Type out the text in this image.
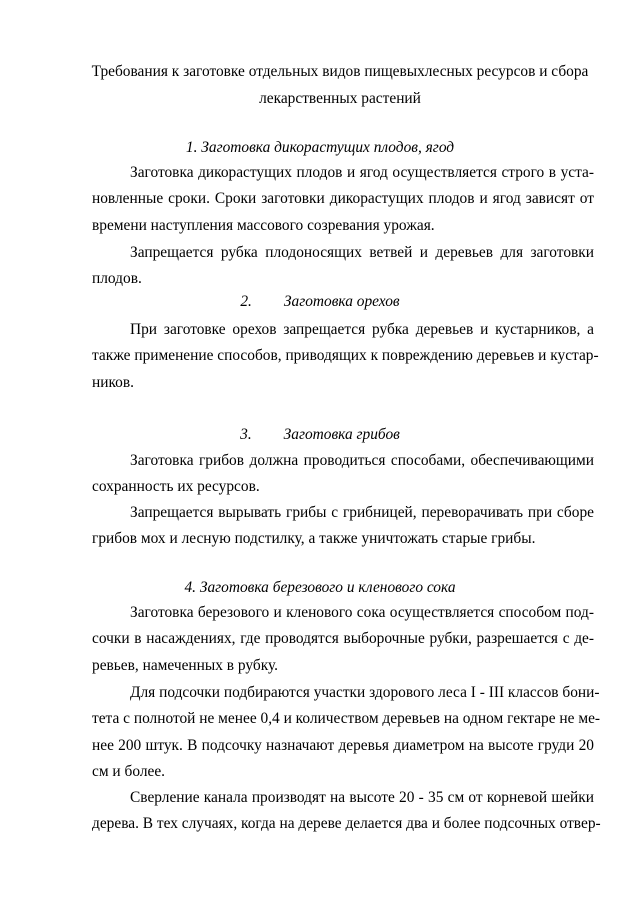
Требования к заготовке отдельных видов пищевыхлесных ресурсов и сбора
лекарственных растений
1. Заготовка дикорастущих плодов, ягод
Заготовка дикорастущих плодов и ягод осуществляется строго в уста-
новленные сроки. Сроки заготовки дикорастущих плодов и ягод зависят от
времени наступления массового созревания урожая.
Запрещается рубка плодоносящих ветвей и деревьев для заготовки
плодов.
2. Заготовка орехов
При заготовке орехов запрещается рубка деревьев и кустарников, а
также применение способов, приводящих к повреждению деревьев и кустар-
ников.
3. Заготовка грибов
Заготовка грибов должна проводиться способами, обеспечивающими
сохранность их ресурсов.
Запрещается вырывать грибы с грибницей, переворачивать при сборе
грибов мох и лесную подстилку, а также уничтожать старые грибы.
4. Заготовка березового и кленового сока
Заготовка березового и кленового сока осуществляется способом под-
сочки в насаждениях, где проводятся выборочные рубки, разрешается с де-
ревьев, намеченных в рубку.
Для подсочки подбираются участки здорового леса I - III классов бони-
тета с полнотой не менее 0,4 и количеством деревьев на одном гектаре не ме-
нее 200 штук. В подсочку назначают деревья диаметром на высоте груди 20
см и более.
Сверление канала производят на высоте 20 - 35 см от корневой шейки
дерева. В тех случаях, когда на дереве делается два и более подсочных отвер-
